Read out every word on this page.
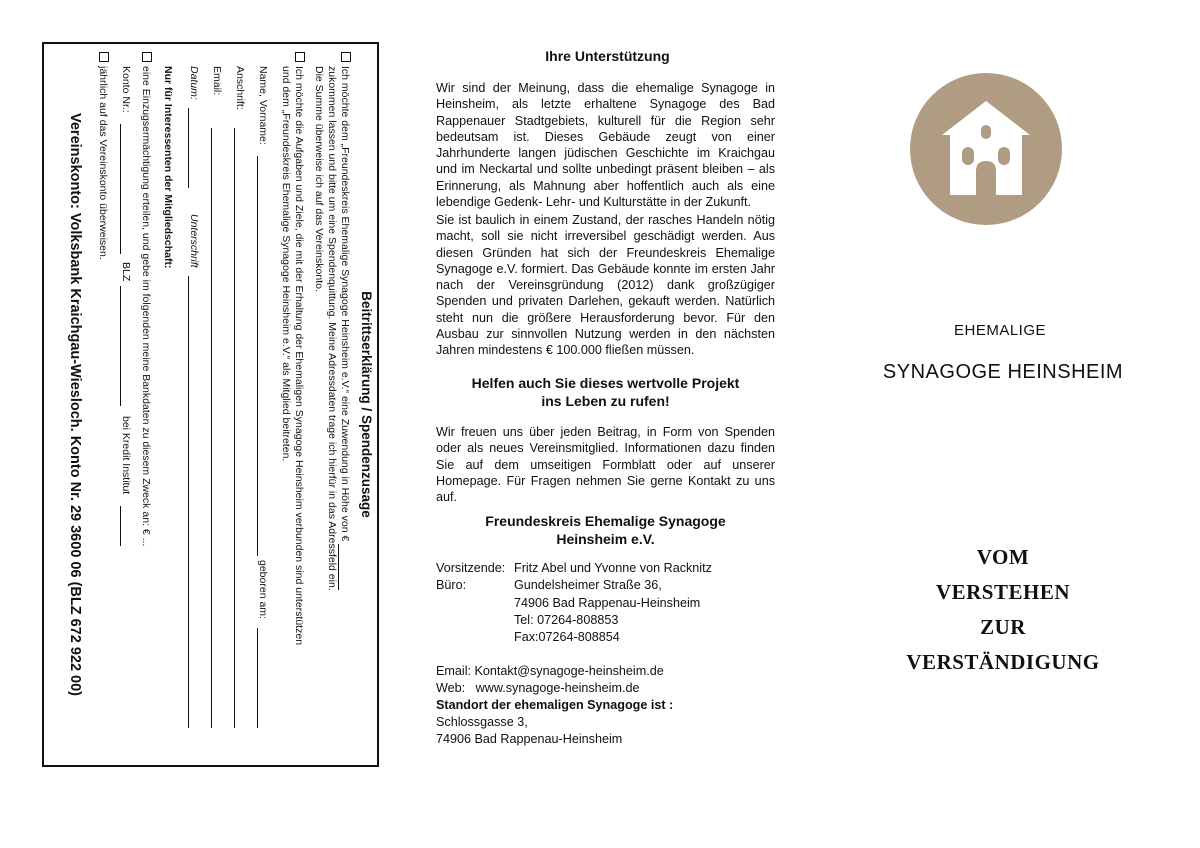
Beitrittserklärung / Spendenzusage
Ich möchte dem „Freundeskreis Ehemalige Synagoge Heinsheim e.V.“ eine Zuwendung in Höhe von €
zukommen lassen und bitte um eine Spendenquittung. Meine Adressdaten trage ich hierfür in das Adressfeld ein.
Die Summe überweise ich auf das Vereinskonto.
Ich möchte die Aufgaben und Ziele, die mit der Erhaltung der Ehemaligen Synagoge Heinsheim verbunden sind unterstützen
und dem „Freundeskreis Ehemalige Synagoge Heinsheim e.V.“ als Mitglied beitreten.
Name, Vorname:
geboren am:
Anschrift:
Email:
Datum:
Unterschrift
Nur für Interessenten der Mitgliedschaft:
eine Einzugsermächtigung erteilen, und gebe im folgenden meine Bankdaten zu diesem Zweck an: € ...
Konto Nr.:
BLZ
bei Kredit Institut
jährlich auf das Vereinskonto überweisen.
Vereinskonto: Volksbank Kraichgau-Wiesloch. Konto Nr. 29 3600 06 (BLZ 672 922 00)
Ihre Unterstützung
Wir sind der Meinung, dass die ehemalige Synagoge in Heinsheim, als letzte erhaltene Synagoge des Bad Rappenauer Stadtgebiets, kulturell für die Region sehr bedeutsam ist. Dieses Gebäude zeugt von einer Jahrhunderte langen jüdischen Geschichte im Kraichgau und im Neckartal und sollte unbedingt präsent bleiben – als Erinnerung, als Mahnung aber hoffentlich auch als eine lebendige Gedenk- Lehr- und Kulturstätte in der Zukunft.
Sie ist baulich in einem Zustand, der rasches Handeln nötig macht, soll sie nicht irreversibel geschädigt werden. Aus diesen Gründen hat sich der Freundeskreis Ehemalige Synagoge e.V. formiert. Das Gebäude konnte im ersten Jahr nach der Vereinsgründung (2012) dank großzügiger Spenden und privaten Darlehen, gekauft werden. Natürlich steht nun die größere Herausforderung bevor. Für den Ausbau zur sinnvollen Nutzung werden in den nächsten Jahren mindestens € 100.000 fließen müssen.
Helfen auch Sie dieses wertvolle Projekt
ins Leben zu rufen!
Wir freuen uns über jeden Beitrag, in Form von Spenden oder als neues Vereinsmitglied. Informationen dazu finden Sie auf dem umseitigen Formblatt oder auf unserer Homepage. Für Fragen nehmen Sie gerne Kontakt zu uns auf.
Freundeskreis Ehemalige Synagoge
Heinsheim e.V.
Vorsitzende: Fritz Abel und Yvonne von Racknitz
Büro:	Gundelsheimer Straße 36,
74906 Bad Rappenau-Heinsheim
Tel: 07264-808853
Fax:07264-808854
Email: Kontakt@synagoge-heinsheim.de
Web:   www.synagoge-heinsheim.de
Standort der ehemaligen Synagoge ist :
Schlossgasse 3,
74906 Bad Rappenau-Heinsheim
EHEMALIGE
SYNAGOGE HEINSHEIM
VOM
VERSTEHEN
ZUR
VERSTÄNDIGUNG
